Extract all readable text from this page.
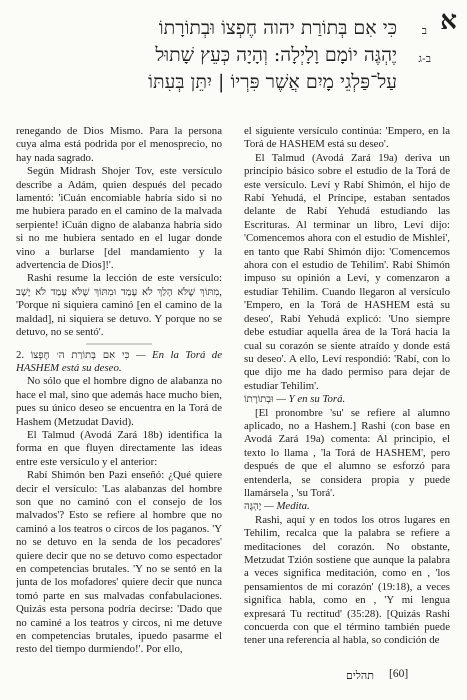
א
ב
ב-ג
כִּי אִם בְּתוֹרַת יהוה חֶפְצוֹ וּבְתוֹרָתוֹ
יֶהְגֶּה יוֹמָם וָלָיְלָה: וְהָיָה כְּעֵץ שָׁתוּל
עַל־פַּלְגֵי מָיִם אֲשֶׁר פִּרְיוֹ | יִתֵּן בְּעִתּוֹ

renegando de Dios Mismo. Para la persona cuya alma está podrida por el menosprecio, no hay nada sagrado.

Según Midrash Shojer Tov, este versículo describe a Adám, quien después del pecado lamentó: 'iCuán encomiable habría sido si no me hubiera parado en el camino de la malvada serpiente! iCuán digno de alabanza habría sido si no me hubiera sentado en el lugar donde vino a burlarse [del mandamiento y la advertencia de Dios]!'.

Rashi resume la lección de este versículo: מִתּוֹךְ שֶׁלֹּא הָלַךְ לֹא עָמַד וּמִתּוֹךְ שֶׁלֹּא עָמַד לֹא יָשָׁב, 'Porque ni siquiera caminó [en el camino de la maldad], ni siquiera se detuvo. Y porque no se detuvo, no se sentó'.

2. כִּי אִם בְּתוֹרַת ה׳ חֶפְצוֹ — En la Torá de HASHEM está su deseo.

No sólo que el hombre digno de alabanza no hace el mal, sino que además hace mucho bien, pues su único deseo se encuentra en la Torá de Hashem (Metzudat David).

El Talmud (Avodá Zará 18b) identifica la forma en que fluyen directamente las ideas entre este versículo y el anterior:

Rabí Shimón ben Pazi enseñó: ¿Qué quiere decir el versículo: 'Las alabanzas del hombre son que no caminó con el consejo de los malvados'? Esto se refiere al hombre que no caminó a los teatros o circos de los paganos. 'Y no se detuvo en la senda de los pecadores' quiere decir que no se detuvo como espectador en competencias brutales. 'Y no se sentó en la junta de los mofadores' quiere decir que nunca tomó parte en sus malvadas confabulaciones. Quizás esta persona podría decirse: 'Dado que no caminé a los teatros y circos, ni me detuve en competencias brutales, ipuedo pasarme el resto del tiempo durmiendo!'. Por ello,

el siguiente versículo continúa: 'Empero, en la Torá de HASHEM está su deseo'.

El Talmud (Avodá Zará 19a) deriva un principio básico sobre el estudio de la Torá de este versículo. Leví y Rabí Shimón, el hijo de Rabí Yehudá, el Príncipe, estaban sentados delante de Rabí Yehudá estudiando las Escrituras. Al terminar un libro, Leví dijo: 'Comencemos ahora con el estudio de Mishlei', en tanto que Rabí Shimón dijo: 'Comencemos ahora con el estudio de Tehilim'. Rabí Shimón impuso su opinión a Leví, y comenzaron a estudiar Tehilim. Cuando llegaron al versículo 'Empero, en la Torá de HASHEM está su deseo', Rabí Yehudá explicó: 'Uno siempre debe estudiar aquella área de la Torá hacia la cual su corazón se siente atraído y donde está su deseo'. A ello, Leví respondió: 'Rabí, con lo que dijo me ha dado permiso para dejar de estudiar Tehilim'.

וּבְתוֹרָתוֹ — Y en su Torá.

[El pronombre 'su' se refiere al alumno aplicado, no a Hashem.] Rashi (con base en Avodá Zará 19a) comenta: Al principio, el texto lo llama , 'la Torá de HASHEM', pero después de que el alumno se esforzó para entenderla, se considera propia y puede llamársela , 'su Torá'.

יֶהְגֶּה — Medita.

Rashi, aquí y en todos los otros lugares en Tehilim, recalca que la palabra se refiere a meditaciones del corazón. No obstante, Metzudat Tzión sostiene que aunque la palabra a veces significa meditación, como en , 'los pensamientos de mi corazón' (19:18), a veces significa habla, como en , 'Y mi lengua expresará Tu rectitud' (35:28). [Quizás Rashi concuerda con que el término también puede tener una referencia al habla, so condición de

תהלים [60]
